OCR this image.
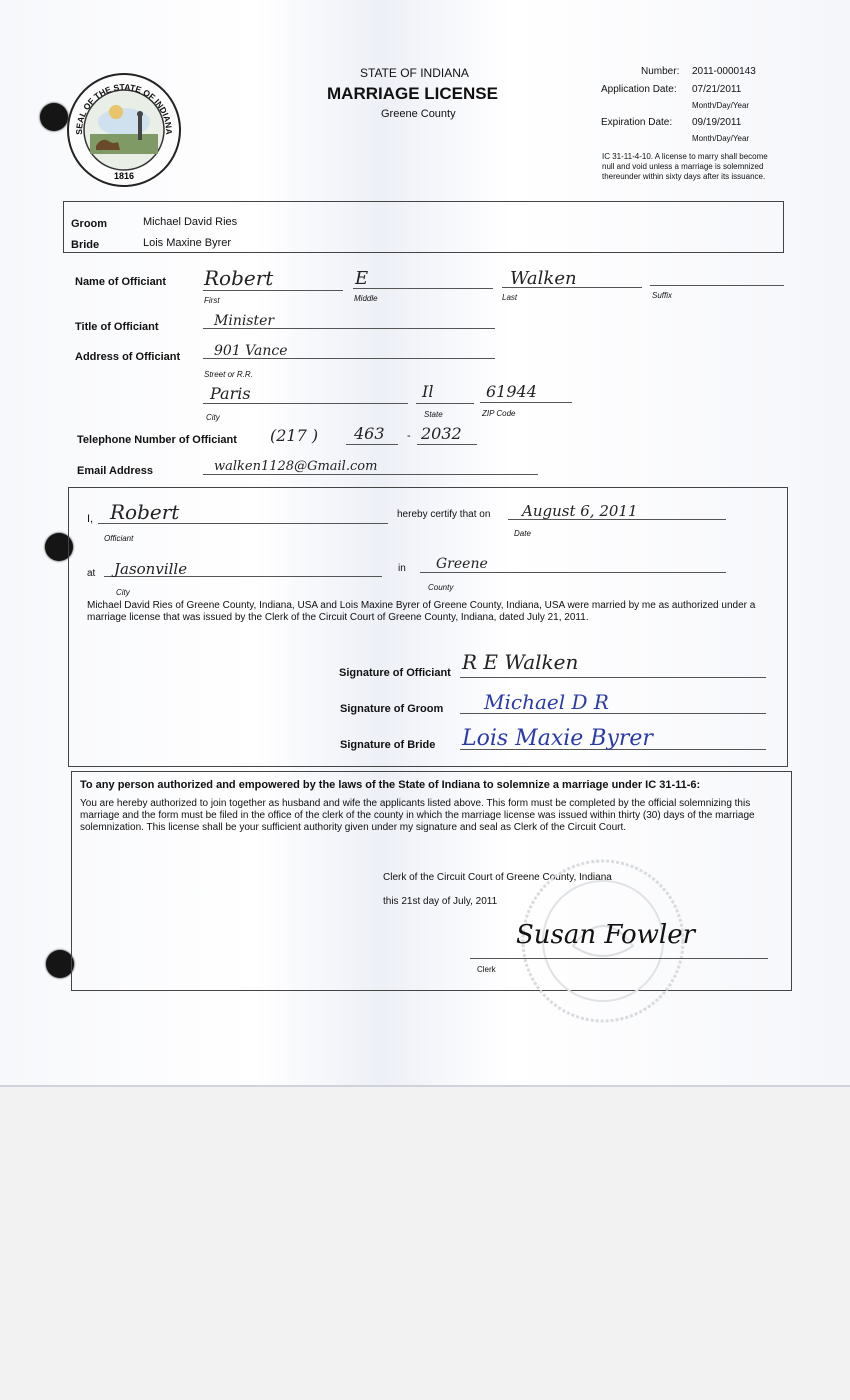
SEAL OF THE STATE OF INDIANA
1816
STATE OF INDIANA
MARRIAGE LICENSE
Greene County
Number: 2011-0000143
Application Date: 07/21/2011
Month/Day/Year
Expiration Date: 09/19/2011
Month/Day/Year
IC 31-11-4-10. A license to marry shall become null and void unless a marriage is solemnized thereunder within sixty days after its issuance.
Groom	Michael David Ries
Bride	Lois Maxine Byrer
Name of Officiant Robert	E	Walken
First	Middle	Last	Suffix
Title of Officiant	Minister
Address of Officiant 901 Vance
Street or R.R.
Paris	Il	61944
City	State	ZIP Code
Telephone Number of Officiant (217 ) 463 - 2032
Email Address	walken1128@Gmail.com
I, Robert
Officiant
hereby certify that on August 6, 2011
Date
at Jasonville
City
in Greene
County
Michael David Ries of Greene County, Indiana, USA and Lois Maxine Byrer of Greene County, Indiana, USA were married by me as authorized under a marriage license that was issued by the Clerk of the Circuit Court of Greene County, Indiana, dated July 21, 2011.
Signature of Officiant R E Walken
Signature of Groom Michael D R
Signature of Bride Lois Maxie Byrer
To any person authorized and empowered by the laws of the State of Indiana to solemnize a marriage under IC 31-11-6:
You are hereby authorized to join together as husband and wife the applicants listed above. This form must be completed by the official solemnizing this marriage and the form must be filed in the office of the clerk of the county in which the marriage license was issued within thirty (30) days of the marriage solemnization. This license shall be your sufficient authority given under my signature and seal as Clerk of the Circuit Court.
Clerk of the Circuit Court of Greene County, Indiana
this 21st day of July, 2011
Susan Fowler
Clerk
